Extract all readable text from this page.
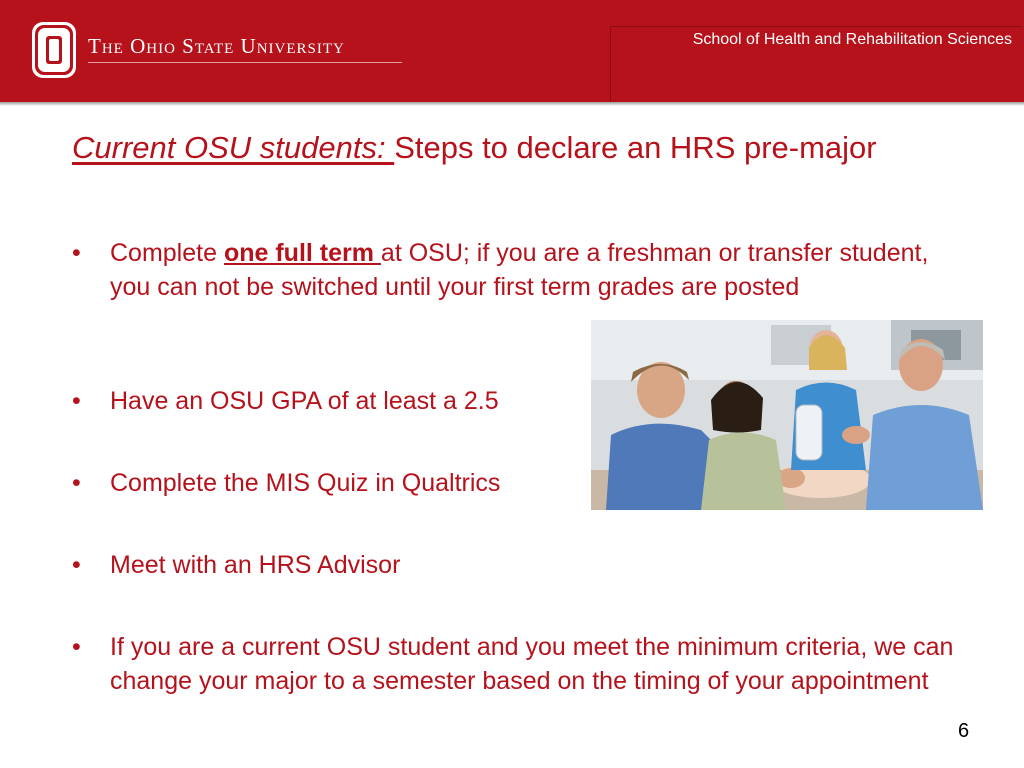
The Ohio State University	School of Health and Rehabilitation Sciences
Current OSU students: Steps to declare an HRS pre-major
• Complete one full term at OSU; if you are a freshman or transfer student, you can not be switched until your first term grades are posted
• Have an OSU GPA of at least a 2.5
• Complete the MIS Quiz in Qualtrics
• Meet with an HRS Advisor
• If you are a current OSU student and you meet the minimum criteria, we can change your major to a semester based on the timing of your appointment
6
